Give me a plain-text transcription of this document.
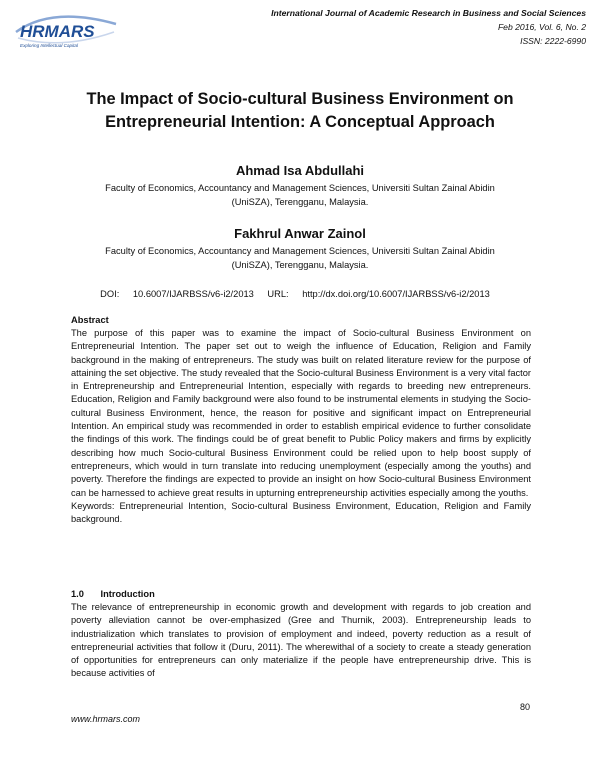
HRMARS
Exploring Intellectual Capital
International Journal of Academic Research in Business and Social Sciences
Feb 2016, Vol. 6, No. 2
ISSN: 2222-6990
The Impact of Socio-cultural Business Environment on
Entrepreneurial Intention: A Conceptual Approach
Ahmad Isa Abdullahi
Faculty of Economics, Accountancy and Management Sciences, Universiti Sultan Zainal Abidin
(UniSZA), Terengganu, Malaysia.
Fakhrul Anwar Zainol
Faculty of Economics, Accountancy and Management Sciences, Universiti Sultan Zainal Abidin
(UniSZA), Terengganu, Malaysia.
DOI: 10.6007/IJARBSS/v6-i2/2013 URL: http://dx.doi.org/10.6007/IJARBSS/v6-i2/2013
Abstract
The purpose of this paper was to examine the impact of Socio-cultural Business Environment on Entrepreneurial Intention. The paper set out to weigh the influence of Education, Religion and Family background in the making of entrepreneurs. The study was built on related literature review for the purpose of attaining the set objective. The study revealed that the Socio-cultural Business Environment is a very vital factor in Entrepreneurship and Entrepreneurial Intention, especially with regards to breeding new entrepreneurs. Education, Religion and Family background were also found to be instrumental elements in studying the Socio-cultural Business Environment, hence, the reason for positive and significant impact on Entrepreneurial Intention. An empirical study was recommended in order to establish empirical evidence to further consolidate the findings of this work. The findings could be of great benefit to Public Policy makers and firms by explicitly describing how much Socio-cultural Business Environment could be relied upon to help boost supply of entrepreneurs, which would in turn translate into reducing unemployment (especially among the youths) and poverty. Therefore the findings are expected to provide an insight on how Socio-cultural Business Environment can be harnessed to achieve great results in upturning entrepreneurship activities especially among the youths.
Keywords: Entrepreneurial Intention, Socio-cultural Business Environment, Education, Religion and Family background.
1.0 Introduction
The relevance of entrepreneurship in economic growth and development with regards to job creation and poverty alleviation cannot be over-emphasized (Gree and Thurnik, 2003). Entrepreneurship leads to industrialization which translates to provision of employment and indeed, poverty reduction as a result of entrepreneurial activities that follow it (Duru, 2011). The wherewithal of a society to create a steady generation of opportunities for entrepreneurs can only materialize if the people have entrepreneurship drive. This is because activities of
80
www.hrmars.com
